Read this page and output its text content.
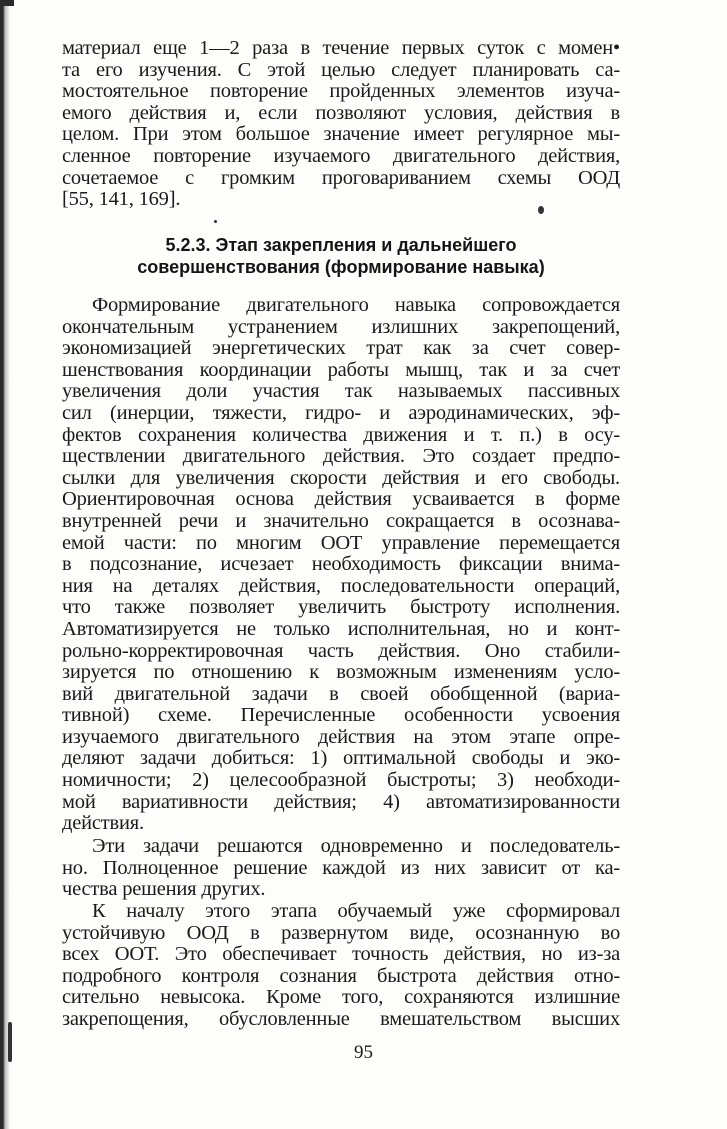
материал еще 1—2 раза в течение первых суток с момен•
та его изучения. С этой целью следует планировать са-
мостоятельное повторение пройденных элементов изуча-
емого действия и, если позволяют условия, действия в
целом. При этом большое значение имеет регулярное мы-
сленное повторение изучаемого двигательного действия,
сочетаемое с громким проговариванием схемы ООД
[55, 141, 169].
5.2.3. Этап закрепления и дальнейшего
совершенствования (формирование навыка)
Формирование двигательного навыка сопровождается
окончательным устранением излишних закрепощений,
экономизацией энергетических трат как за счет совер-
шенствования координации работы мышц, так и за счет
увеличения доли участия так называемых пассивных
сил (инерции, тяжести, гидро- и аэродинамических, эф-
фектов сохранения количества движения и т. п.) в осу-
ществлении двигательного действия. Это создает предпо-
сылки для увеличения скорости действия и его свободы.
Ориентировочная основа действия усваивается в форме
внутренней речи и значительно сокращается в осознава-
емой части: по многим ООТ управление перемещается
в подсознание, исчезает необходимость фиксации внима-
ния на деталях действия, последовательности операций,
что также позволяет увеличить быстроту исполнения.
Автоматизируется не только исполнительная, но и конт-
рольно-корректировочная часть действия. Оно стабили-
зируется по отношению к возможным изменениям усло-
вий двигательной задачи в своей обобщенной (вариа-
тивной) схеме. Перечисленные особенности усвоения
изучаемого двигательного действия на этом этапе опре-
деляют задачи добиться: 1) оптимальной свободы и эко-
номичности; 2) целесообразной быстроты; 3) необходи-
мой вариативности действия; 4) автоматизированности
действия.
Эти задачи решаются одновременно и последователь-
но. Полноценное решение каждой из них зависит от ка-
чества решения других.
К началу этого этапа обучаемый уже сформировал
устойчивую ООД в развернутом виде, осознанную во
всех ООТ. Это обеспечивает точность действия, но из-за
подробного контроля сознания быстрота действия отно-
сительно невысока. Кроме того, сохраняются излишние
закрепощения, обусловленные вмешательством высших
95
